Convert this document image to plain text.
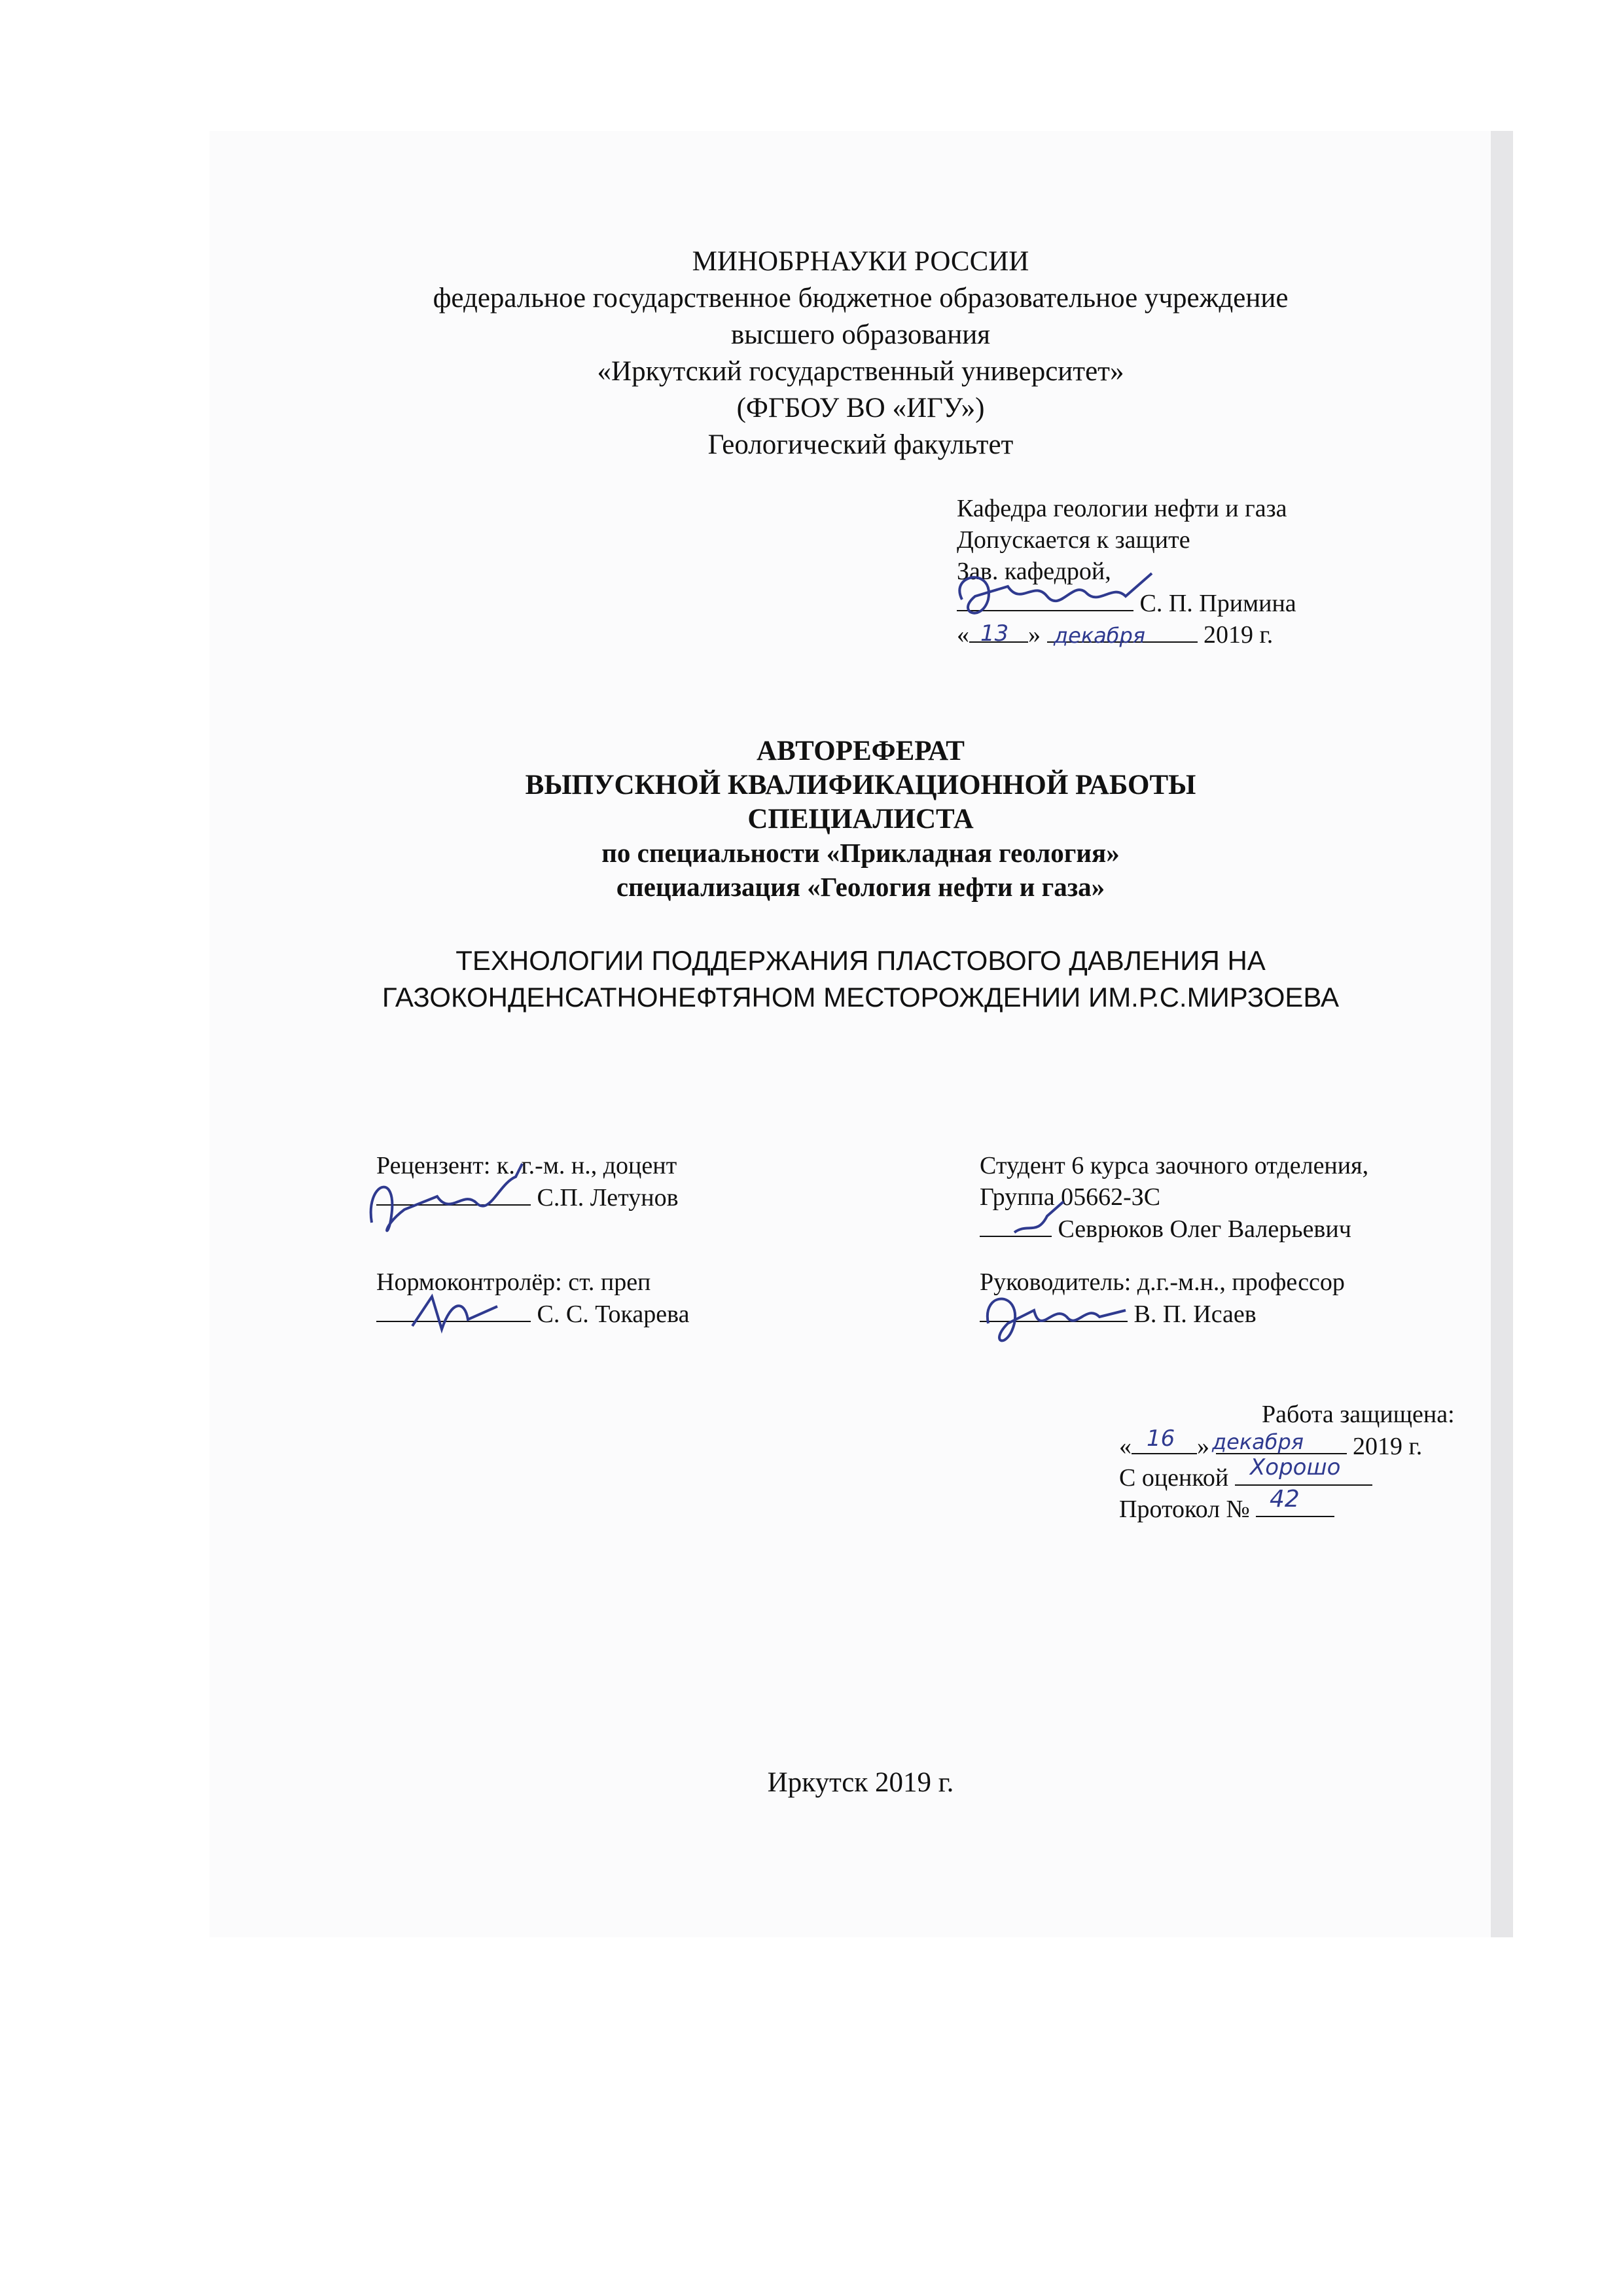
МИНОБРНАУКИ РОССИИ
федеральное государственное бюджетное образовательное учреждение
высшего образования
«Иркутский государственный университет»
(ФГБОУ ВО «ИГУ»)
Геологический факультет
Кафедра геологии нефти и газа
Допускается к защите
Зав. кафедрой,
С. П. Примина
« »	2019 г.
13 декабря
АВТОРЕФЕРАТ
ВЫПУСКНОЙ КВАЛИФИКАЦИОННОЙ РАБОТЫ
СПЕЦИАЛИСТА
по специальности «Прикладная геология»
специализация «Геология нефти и газа»
ТЕХНОЛОГИИ ПОДДЕРЖАНИЯ ПЛАСТОВОГО ДАВЛЕНИЯ НА
ГАЗОКОНДЕНСАТНОНЕФТЯНОМ МЕСТОРОЖДЕНИИ ИМ.Р.С.МИРЗОЕВА
Рецензент: к. г.-м. н., доцент
С.П. Летунов
Нормоконтролёр: ст. преп
С. С. Токарева
Студент 6 курса заочного отделения,
Группа 05662-ЗС
Севрюков Олег Валерьевич
Руководитель: д.г.-м.н., профессор
В. П. Исаев
Работа защищена:
«	»	2019 г.
16 декабря
С оценкой Хорошо
Протокол № 42
Иркутск 2019 г.
